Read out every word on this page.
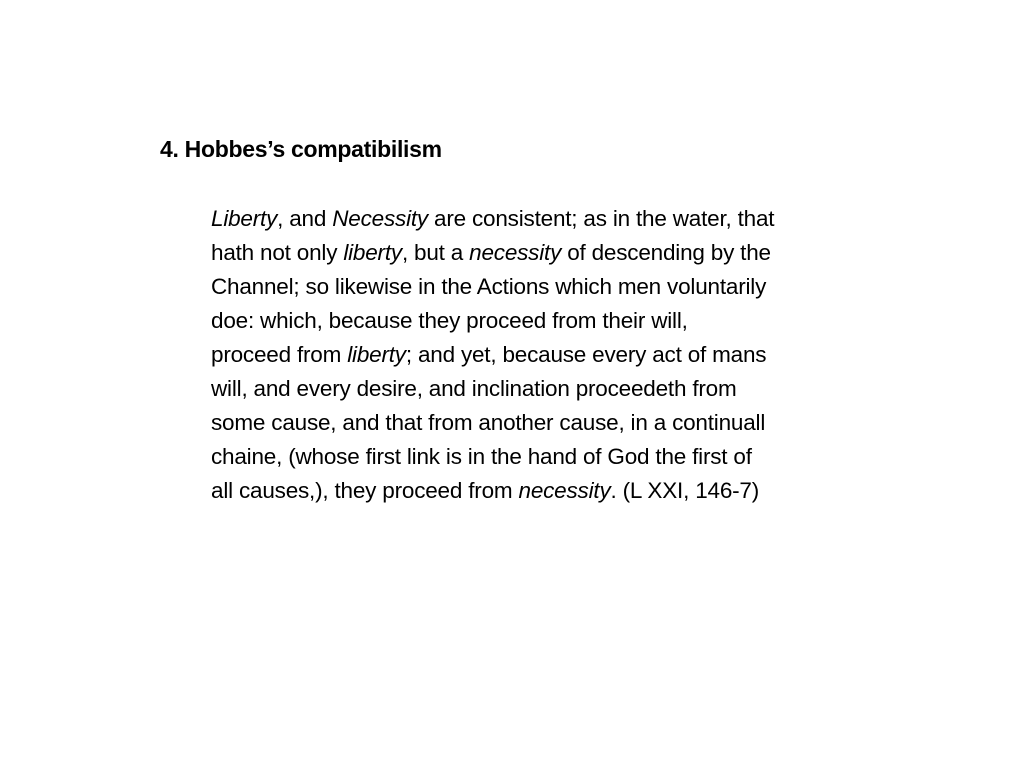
4. Hobbes’s compatibilism
Liberty, and Necessity are consistent; as in the water, that
hath not only liberty, but a necessity of descending by the
Channel; so likewise in the Actions which men voluntarily
doe: which, because they proceed from their will,
proceed from liberty; and yet, because every act of mans
will, and every desire, and inclination proceedeth from
some cause, and that from another cause, in a continuall
chaine, (whose first link is in the hand of God the first of
all causes,), they proceed from necessity. (L XXI, 146-7)
